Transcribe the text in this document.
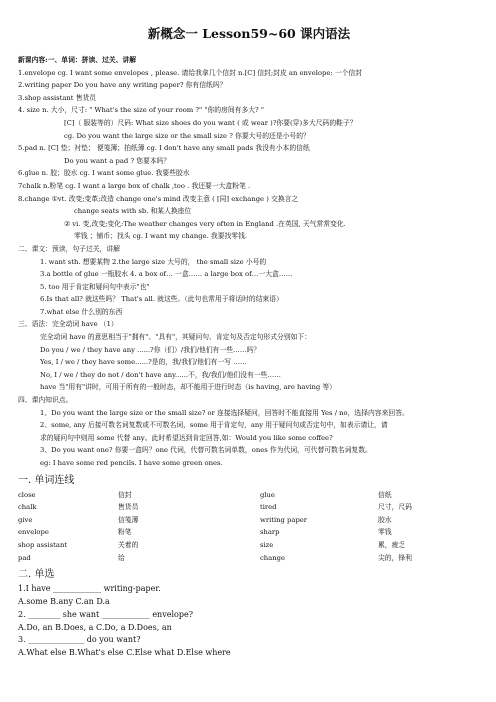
新概念一 Lesson59~60 课内语法
新课内容:一、单词：拼读、过关、讲解
1.envelope cg. I want some envelopes , please. 请给我拿几个信封 n.[C] 信封;封皮 an envelope: 一个信封
2.writing paper Do you have any writing paper? 你有信纸吗？
3.shop assistant 售货员
4. size n. 大小，尺寸: " What's the size of your room ?" "你的房间有多大? "
[C]（ 服装等的）尺码: What size shoes do you want ( 或 wear )?你要(穿)多大尺码的鞋子？
cg. Do you want the large size or the small size ? 你要大号的还是小号的？
5.pad n. [C] 垫；衬垫； 便笺簿；拍纸簿 cg. I don't have any small pads 我没有小本的信纸
Do you want a pad ? 您要本吗？
6.glue n. 胶；胶水 cg. I want some glue. 我要些胶水
7chalk n.粉笔 cg. I want a large box of chalk ,too . 我还要一大盒粉笔 .
8.change ①vt. 改变;变革;改造 change one's mind 改变主意 ( [同] exchange ) 交换言之
change seats with sb. 和某人换座位
② vi. 变,改变;变化:The weather changes very often in England .在英国, 天气常常变化.
零钱 ；铺币；找头 cg. I want my change. 我要找零钱.
二、课文：预读，句子过关，讲解
1. want sth. 想要某物 2.the large size 大号的， the small size 小号的
3.a bottle of glue 一瓶胶水 4. a box of… 一盒…… a large box of…一大盒……
5. too 用于肯定和疑问句中表示"也"
6.Is that all? 就这些吗？ That's all. 就这些。（此句也常用于将话时的结束语）
7.what else 什么别的东西
三、语法：完全动词 have （1）
完全动词 have 的意思相当于"拥有"、"具有"，其疑问句、肯定句及否定句形式分别如下：
Do you / we / they have any ......?你（们）/我们/他们有一些……吗？
Yes, I / we / they have some......?是的，我/我们/他们有一写 ……
No, I / we / they do not / don't have any......不，我/我们/他们没有一些……
have 当"用有"讲时，可用于所有的一般时态，却不能用于进行时态（is having, are having 等）
四、课内知识点。
1、Do you want the large size or the small size? or 连接选择疑问，回答时不能直接用 Yes / no，选择内容来回答。
2、some, any 后接可数名词复数或不可数名词，some 用于肯定句，any 用于疑问句或否定句中，如表示请让，请
求的疑问句中则用 some 代替 any。此时希望达到肯定回答,如：Would you like some coffee?
3、Do you want one? 你要一盒吗？one 代词，代替可数名词单数，ones 作为代词，可代替可数名词复数。
eg: I have some red pencils. I have some green ones.
一. 单词连线
close	信封	glue	信纸
chalk	售货员	tired	尺寸，尺码
give	信笺薄	writing paper	胶水
envelope	粉笔	sharp	零钱
shop assistant	关着的	size	累，疲乏
pad	给	change	尖的，锋利
二. 单选
1.I have ____________ writing-paper.
A.some B.any C.an D.a
2. ________ she want ____________ envelope?
A.Do, an B.Does, a C.Do, a D.Does, an
3. ______________ do you want?
A.What else B.What's else C.Else what D.Else where
